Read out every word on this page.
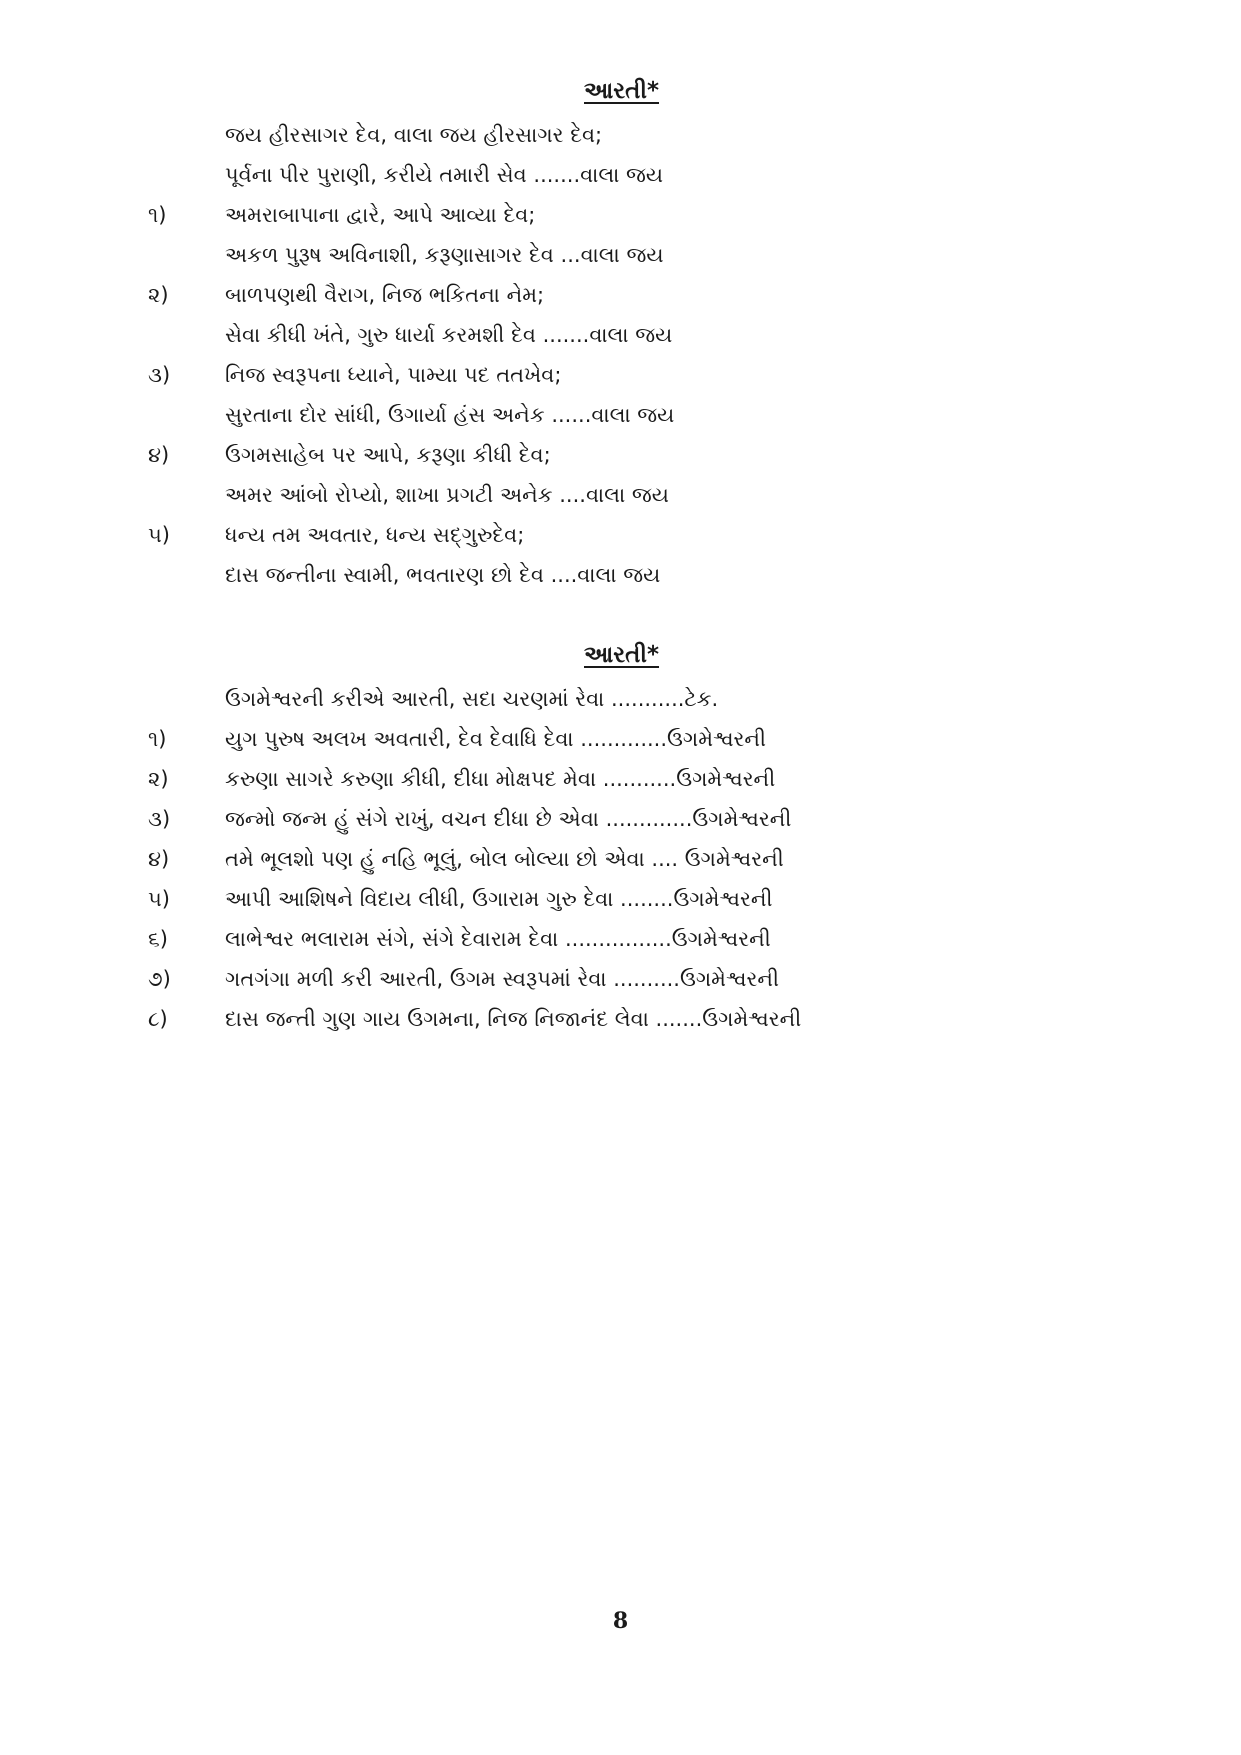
આરતી*
જય હીરસાગર દેવ, વાલા જય હીરસાગર દેવ;
પૂર્વના પીર પુરાણી, કરીયે તમારી સેવ .......વાલા જય
૧)	અમરાબાપાના દ્વારે, આપે આવ્યા દેવ;
અકળ પુરૂષ અવિનાશી, કરૂણાસાગર દેવ ...વાલા જય
૨)	બાળપણથી વૈરાગ, નિજ ભકિતના નેમ;
સેવા કીધી ખંતે, ગુરુ ધાર્યા કરમશી દેવ .......વાલા જય
૩)	નિજ સ્વરૂપના ધ્યાને, પામ્યા પદ તતખેવ;
સુરતાના દોર સાંધી, ઉગાર્યા હંસ અનેક ......વાલા જય
૪)	ઉગમસાહેબ પર આપે, કરૂણા કીધી દેવ;
અમર આંબો રોપ્યો, શાખા પ્રગટી અનેક ....વાલા જય
૫)	ધન્ય તમ અવતાર, ધન્ય સદ્ગુરુદેવ;
દાસ જન્તીના સ્વામી, ભવતારણ છો દેવ ....વાલા જય
આરતી*
ઉગમેશ્વરની કરીએ આરતી, સદા ચરણમાં રેવા ...........ટેક.
૧)	યુગ પુરુષ અલખ અવતારી, દેવ દેવાધિ દેવા .............ઉગમેશ્વરની
૨)	કરુણા સાગરે કરુણા કીધી, દીધા મોક્ષપદ મેવા ...........ઉગમેશ્વરની
૩)	જન્મો જન્મ હું સંગે રાખું, વચન દીધા છે એવા .............ઉગમેશ્વરની
૪)	તમે ભૂલશો પણ હું નહિ ભૂલું, બોલ બોલ્યા છો એવા .... ઉગમેશ્વરની
૫)	આપી આશિષને વિદાય લીધી, ઉગારામ ગુરુ દેવા ........ઉગમેશ્વરની
૬)	લાભેશ્વર ભલારામ સંગે, સંગે દેવારામ દેવા ................ઉગમેશ્વરની
૭)	ગતગંગા મળી કરી આરતી, ઉગમ સ્વરૂપમાં રેવા ..........ઉગમેશ્વરની
૮)	દાસ જન્તી ગુણ ગાય ઉગમના, નિજ નિજાનંદ લેવા .......ઉગમેશ્વરની
8
